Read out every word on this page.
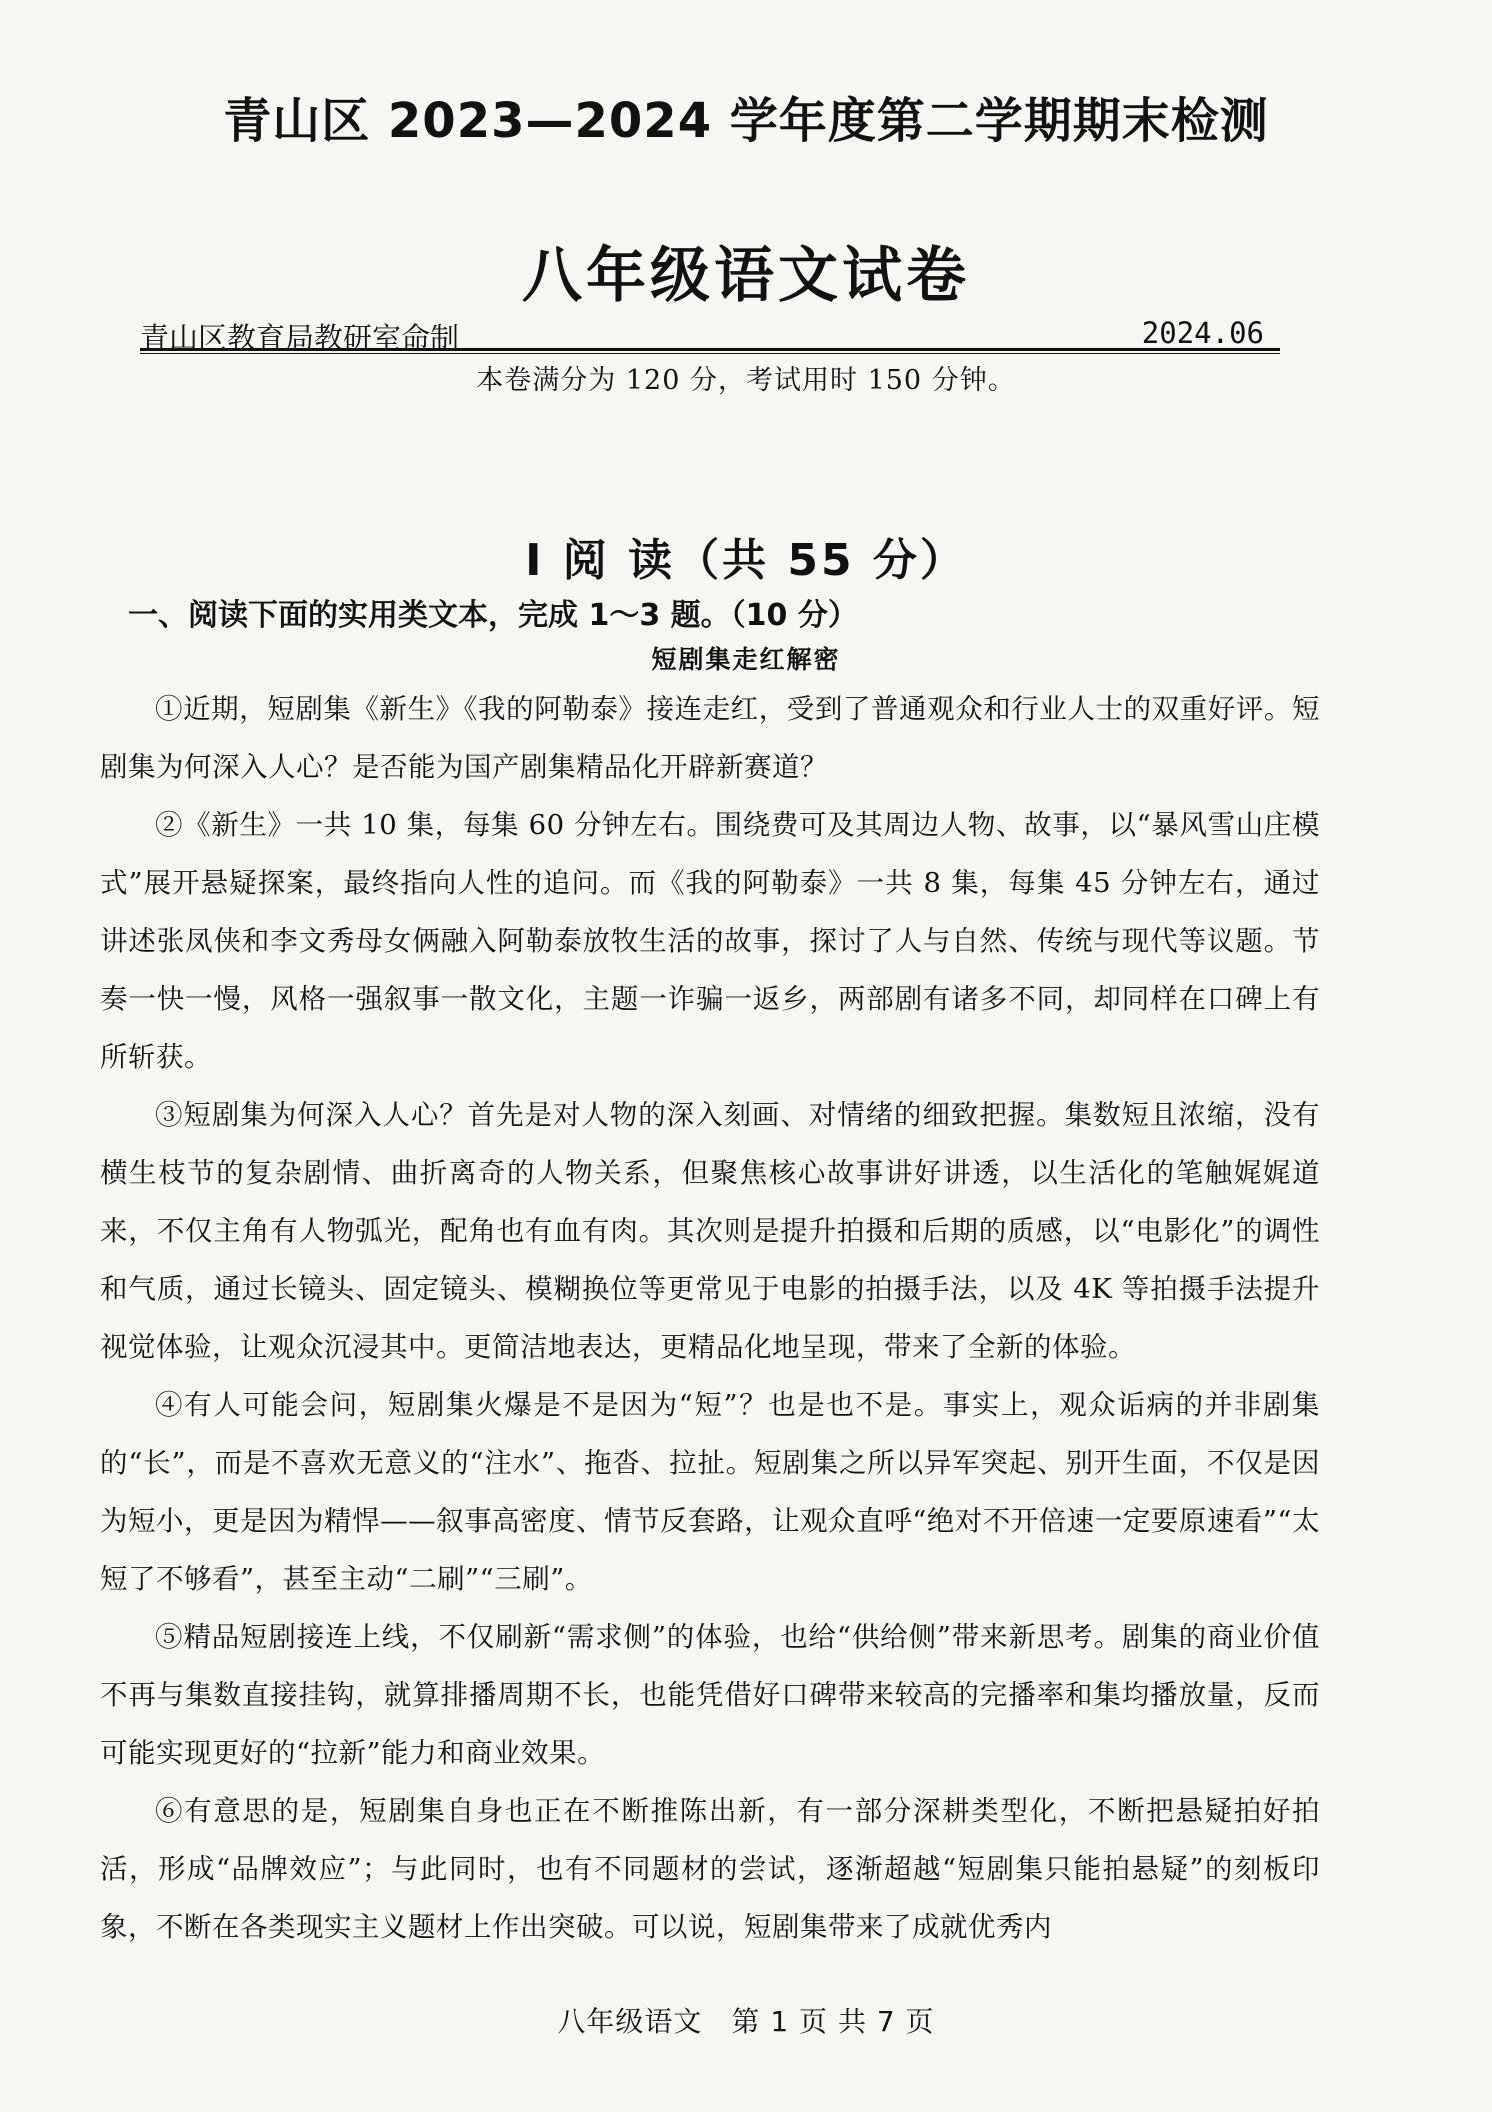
青山区 2023—2024 学年度第二学期期末检测
八年级语文试卷
青山区教育局教研室命制	2024.06
本卷满分为 120 分，考试用时 150 分钟。
I 阅 读（共 55 分）
一、阅读下面的实用类文本，完成 1～3 题。（10 分）
短剧集走红解密

①近期，短剧集《新生》《我的阿勒泰》接连走红，受到了普通观众和行业人士的双重好评。短剧集为何深入人心？是否能为国产剧集精品化开辟新赛道？

②《新生》一共 10 集，每集 60 分钟左右。围绕费可及其周边人物、故事，以“暴风雪山庄模式”展开悬疑探案，最终指向人性的追问。而《我的阿勒泰》一共 8 集，每集 45 分钟左右，通过讲述张凤侠和李文秀母女俩融入阿勒泰放牧生活的故事，探讨了人与自然、传统与现代等议题。节奏一快一慢，风格一强叙事一散文化，主题一诈骗一返乡，两部剧有诸多不同，却同样在口碑上有所斩获。

③短剧集为何深入人心？首先是对人物的深入刻画、对情绪的细致把握。集数短且浓缩，没有横生枝节的复杂剧情、曲折离奇的人物关系，但聚焦核心故事讲好讲透，以生活化的笔触娓娓道来，不仅主角有人物弧光，配角也有血有肉。其次则是提升拍摄和后期的质感，以“电影化”的调性和气质，通过长镜头、固定镜头、模糊换位等更常见于电影的拍摄手法，以及 4K 等拍摄手法提升视觉体验，让观众沉浸其中。更简洁地表达，更精品化地呈现，带来了全新的体验。

④有人可能会问，短剧集火爆是不是因为“短”？也是也不是。事实上，观众诟病的并非剧集的“长”，而是不喜欢无意义的“注水”、拖沓、拉扯。短剧集之所以异军突起、别开生面，不仅是因为短小，更是因为精悍——叙事高密度、情节反套路，让观众直呼“绝对不开倍速一定要原速看”“太短了不够看”，甚至主动“二刷”“三刷”。

⑤精品短剧接连上线，不仅刷新“需求侧”的体验，也给“供给侧”带来新思考。剧集的商业价值不再与集数直接挂钩，就算排播周期不长，也能凭借好口碑带来较高的完播率和集均播放量，反而可能实现更好的“拉新”能力和商业效果。

⑥有意思的是，短剧集自身也正在不断推陈出新，有一部分深耕类型化，不断把悬疑拍好拍活，形成“品牌效应”；与此同时，也有不同题材的尝试，逐渐超越“短剧集只能拍悬疑”的刻板印象，不断在各类现实主义题材上作出突破。可以说，短剧集带来了成就优秀内

八年级语文　第 1 页 共 7 页
